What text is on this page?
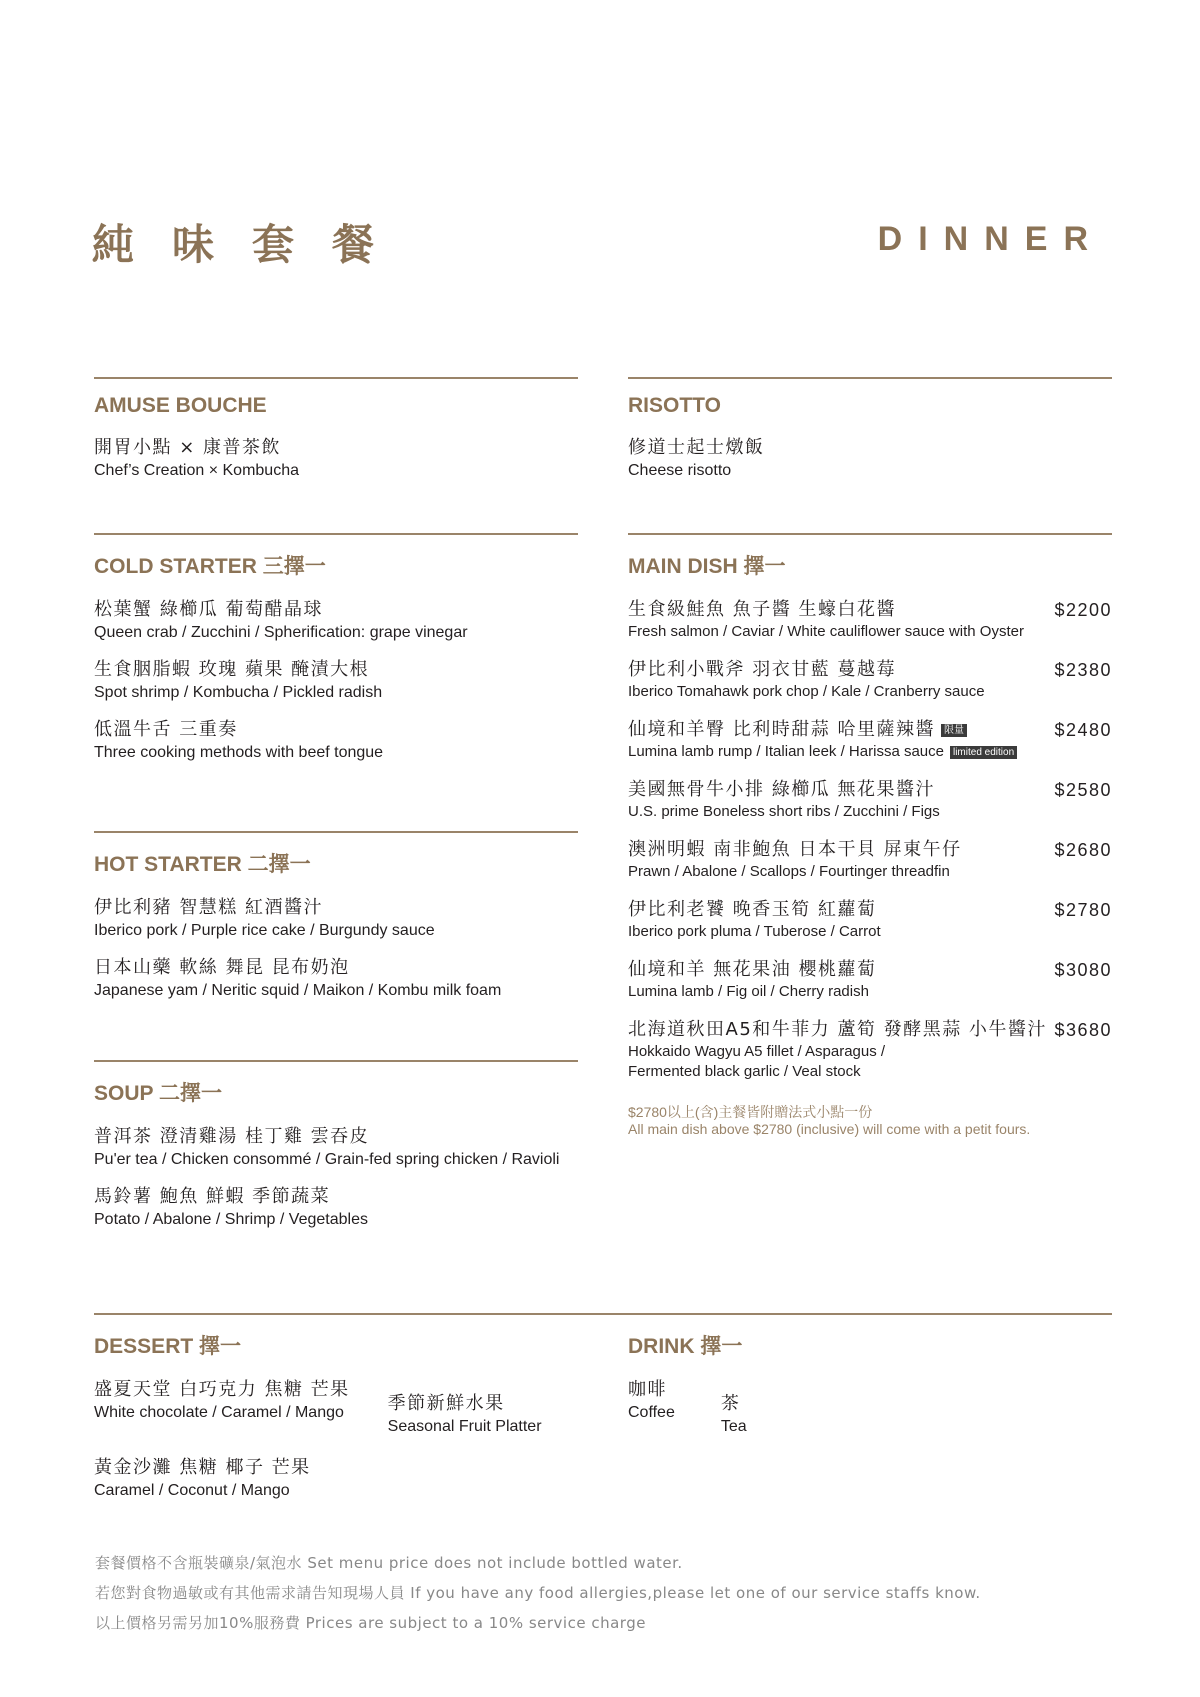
純味套餐	DINNER
AMUSE BOUCHE
開胃小點 × 康普茶飲
Chef’s Creation × Kombucha
RISOTTO
修道士起士燉飯
Cheese risotto
COLD STARTER 三擇一
松葉蟹 綠櫛瓜 葡萄醋晶球
Queen crab / Zucchini / Spherification: grape vinegar
生食胭脂蝦 玫瑰 蘋果 醃漬大根
Spot shrimp / Kombucha / Pickled radish
低溫牛舌 三重奏
Three cooking methods with beef tongue
HOT STARTER 二擇一
伊比利豬 智慧糕 紅酒醬汁
Iberico pork / Purple rice cake / Burgundy sauce
日本山藥 軟絲 舞昆 昆布奶泡
Japanese yam / Neritic squid / Maikon / Kombu milk foam
SOUP 二擇一
普洱茶 澄清雞湯 桂丁雞 雲吞皮
Pu'er tea / Chicken consommé / Grain-fed spring chicken / Ravioli
馬鈴薯 鮑魚 鮮蝦 季節蔬菜
Potato / Abalone / Shrimp / Vegetables
MAIN DISH 擇一
生食級鮭魚 魚子醬 生蠔白花醬
Fresh salmon / Caviar / White cauliflower sauce with Oyster
$2200
伊比利小戰斧 羽衣甘藍 蔓越莓
Iberico Tomahawk pork chop / Kale / Cranberry sauce
$2380
仙境和羊臀 比利時甜蒜 哈里薩辣醬 限量
Lumina lamb rump / Italian leek / Harissa sauce limited edition
$2480
美國無骨牛小排 綠櫛瓜 無花果醬汁
U.S. prime Boneless short ribs / Zucchini / Figs
$2580
澳洲明蝦 南非鮑魚 日本干貝 屏東午仔
Prawn / Abalone / Scallops / Fourtinger threadfin
$2680
伊比利老饕 晚香玉筍 紅蘿蔔
Iberico pork pluma / Tuberose / Carrot
$2780
仙境和羊 無花果油 櫻桃蘿蔔
Lumina lamb / Fig oil / Cherry radish
$3080
北海道秋田A5和牛菲力 蘆筍 發酵黑蒜 小牛醬汁
Hokkaido Wagyu A5 fillet / Asparagus /
Fermented black garlic / Veal stock
$3680
$2780以上(含)主餐皆附贈法式小點一份
All main dish above $2780 (inclusive) will come with a petit fours.
DESSERT 擇一
盛夏天堂 白巧克力 焦糖 芒果
White chocolate / Caramel / Mango	季節新鮮水果
Seasonal Fruit Platter
黃金沙灘 焦糖 椰子 芒果
Caramel / Coconut / Mango
DRINK 擇一
咖啡
Coffee	茶
Tea
套餐價格不含瓶裝礦泉/氣泡水 Set menu price does not include bottled water.
若您對食物過敏或有其他需求請告知現場人員 If you have any food allergies,please let one of our service staffs know.
以上價格另需另加10%服務費 Prices are subject to a 10% service charge
